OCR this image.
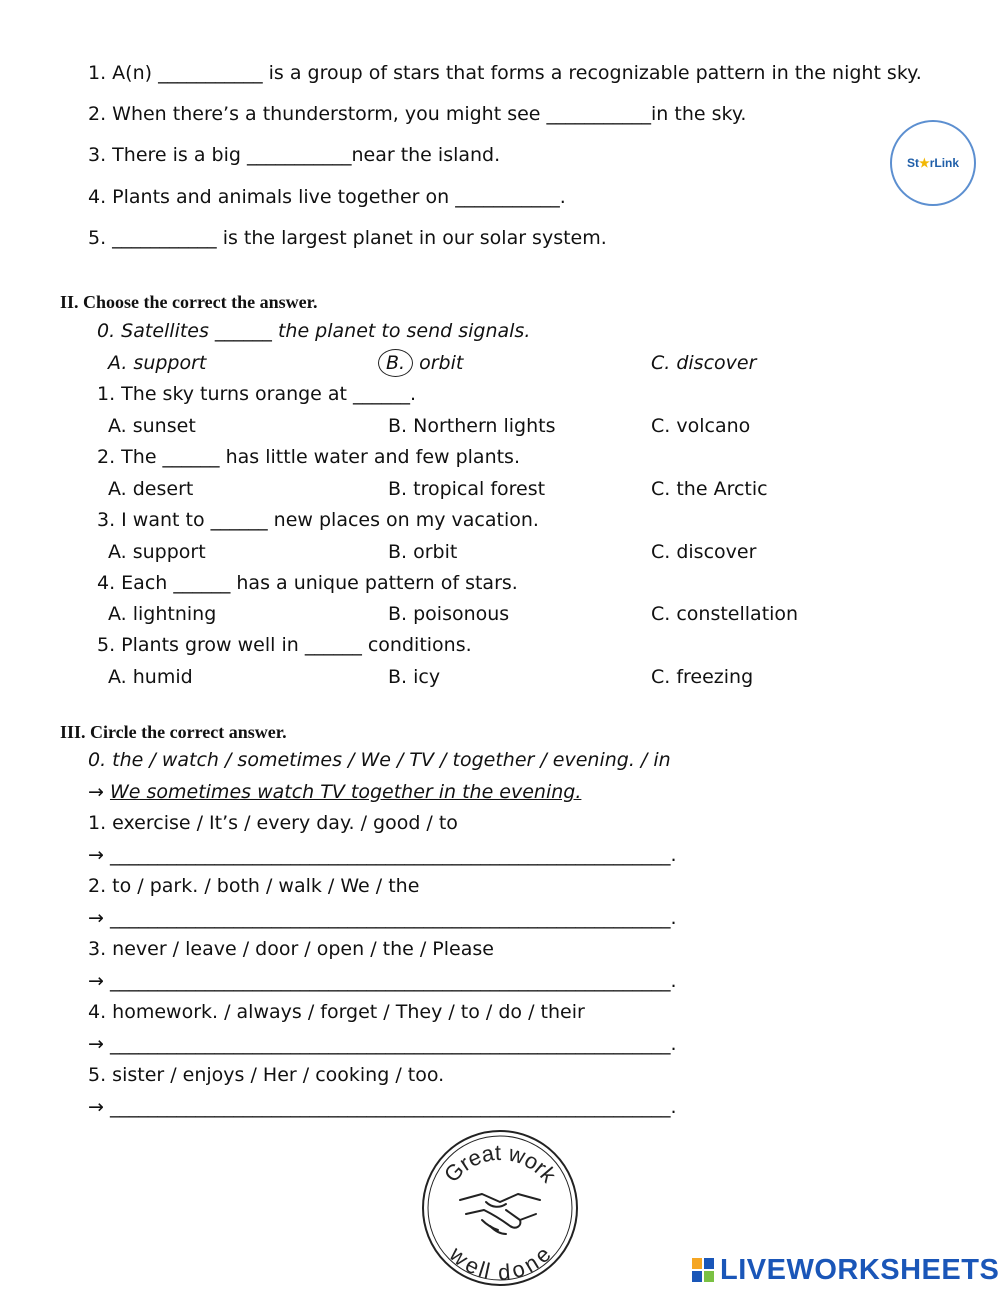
1. A(n) ___________ is a group of stars that forms a recognizable pattern in the night sky.
2. When there’s a thunderstorm, you might see ___________in the sky.
3. There is a big ___________near the island.
4. Plants and animals live together on ___________.
5. ___________ is the largest planet in our solar system.
St★rLink
II. Choose the correct the answer.
0. Satellites ______ the planet to send signals.
A. support	B. orbit	C. discover
1. The sky turns orange at ______.
A. sunset	B. Northern lights	C. volcano
2. The ______ has little water and few plants.
A. desert	B. tropical forest	C. the Arctic
3. I want to ______ new places on my vacation.
A. support	B. orbit	C. discover
4. Each ______ has a unique pattern of stars.
A. lightning	B. poisonous	C. constellation
5. Plants grow well in ______ conditions.
A. humid	B. icy	C. freezing
III. Circle the correct answer.
0. the / watch / sometimes / We / TV / together / evening. / in
→ We sometimes watch TV together in the evening.
1. exercise / It’s / every day. / good / to
→ ___________________________________________________________.
2. to / park. / both / walk / We / the
→ ___________________________________________________________.
3. never / leave / door / open / the / Please
→ ___________________________________________________________.
4. homework. / always / forget / They / to / do / their
→ ___________________________________________________________.
5. sister / enjoys / Her / cooking / too.
→ ___________________________________________________________.
Great work
well done	LIVEWORKSHEETS
